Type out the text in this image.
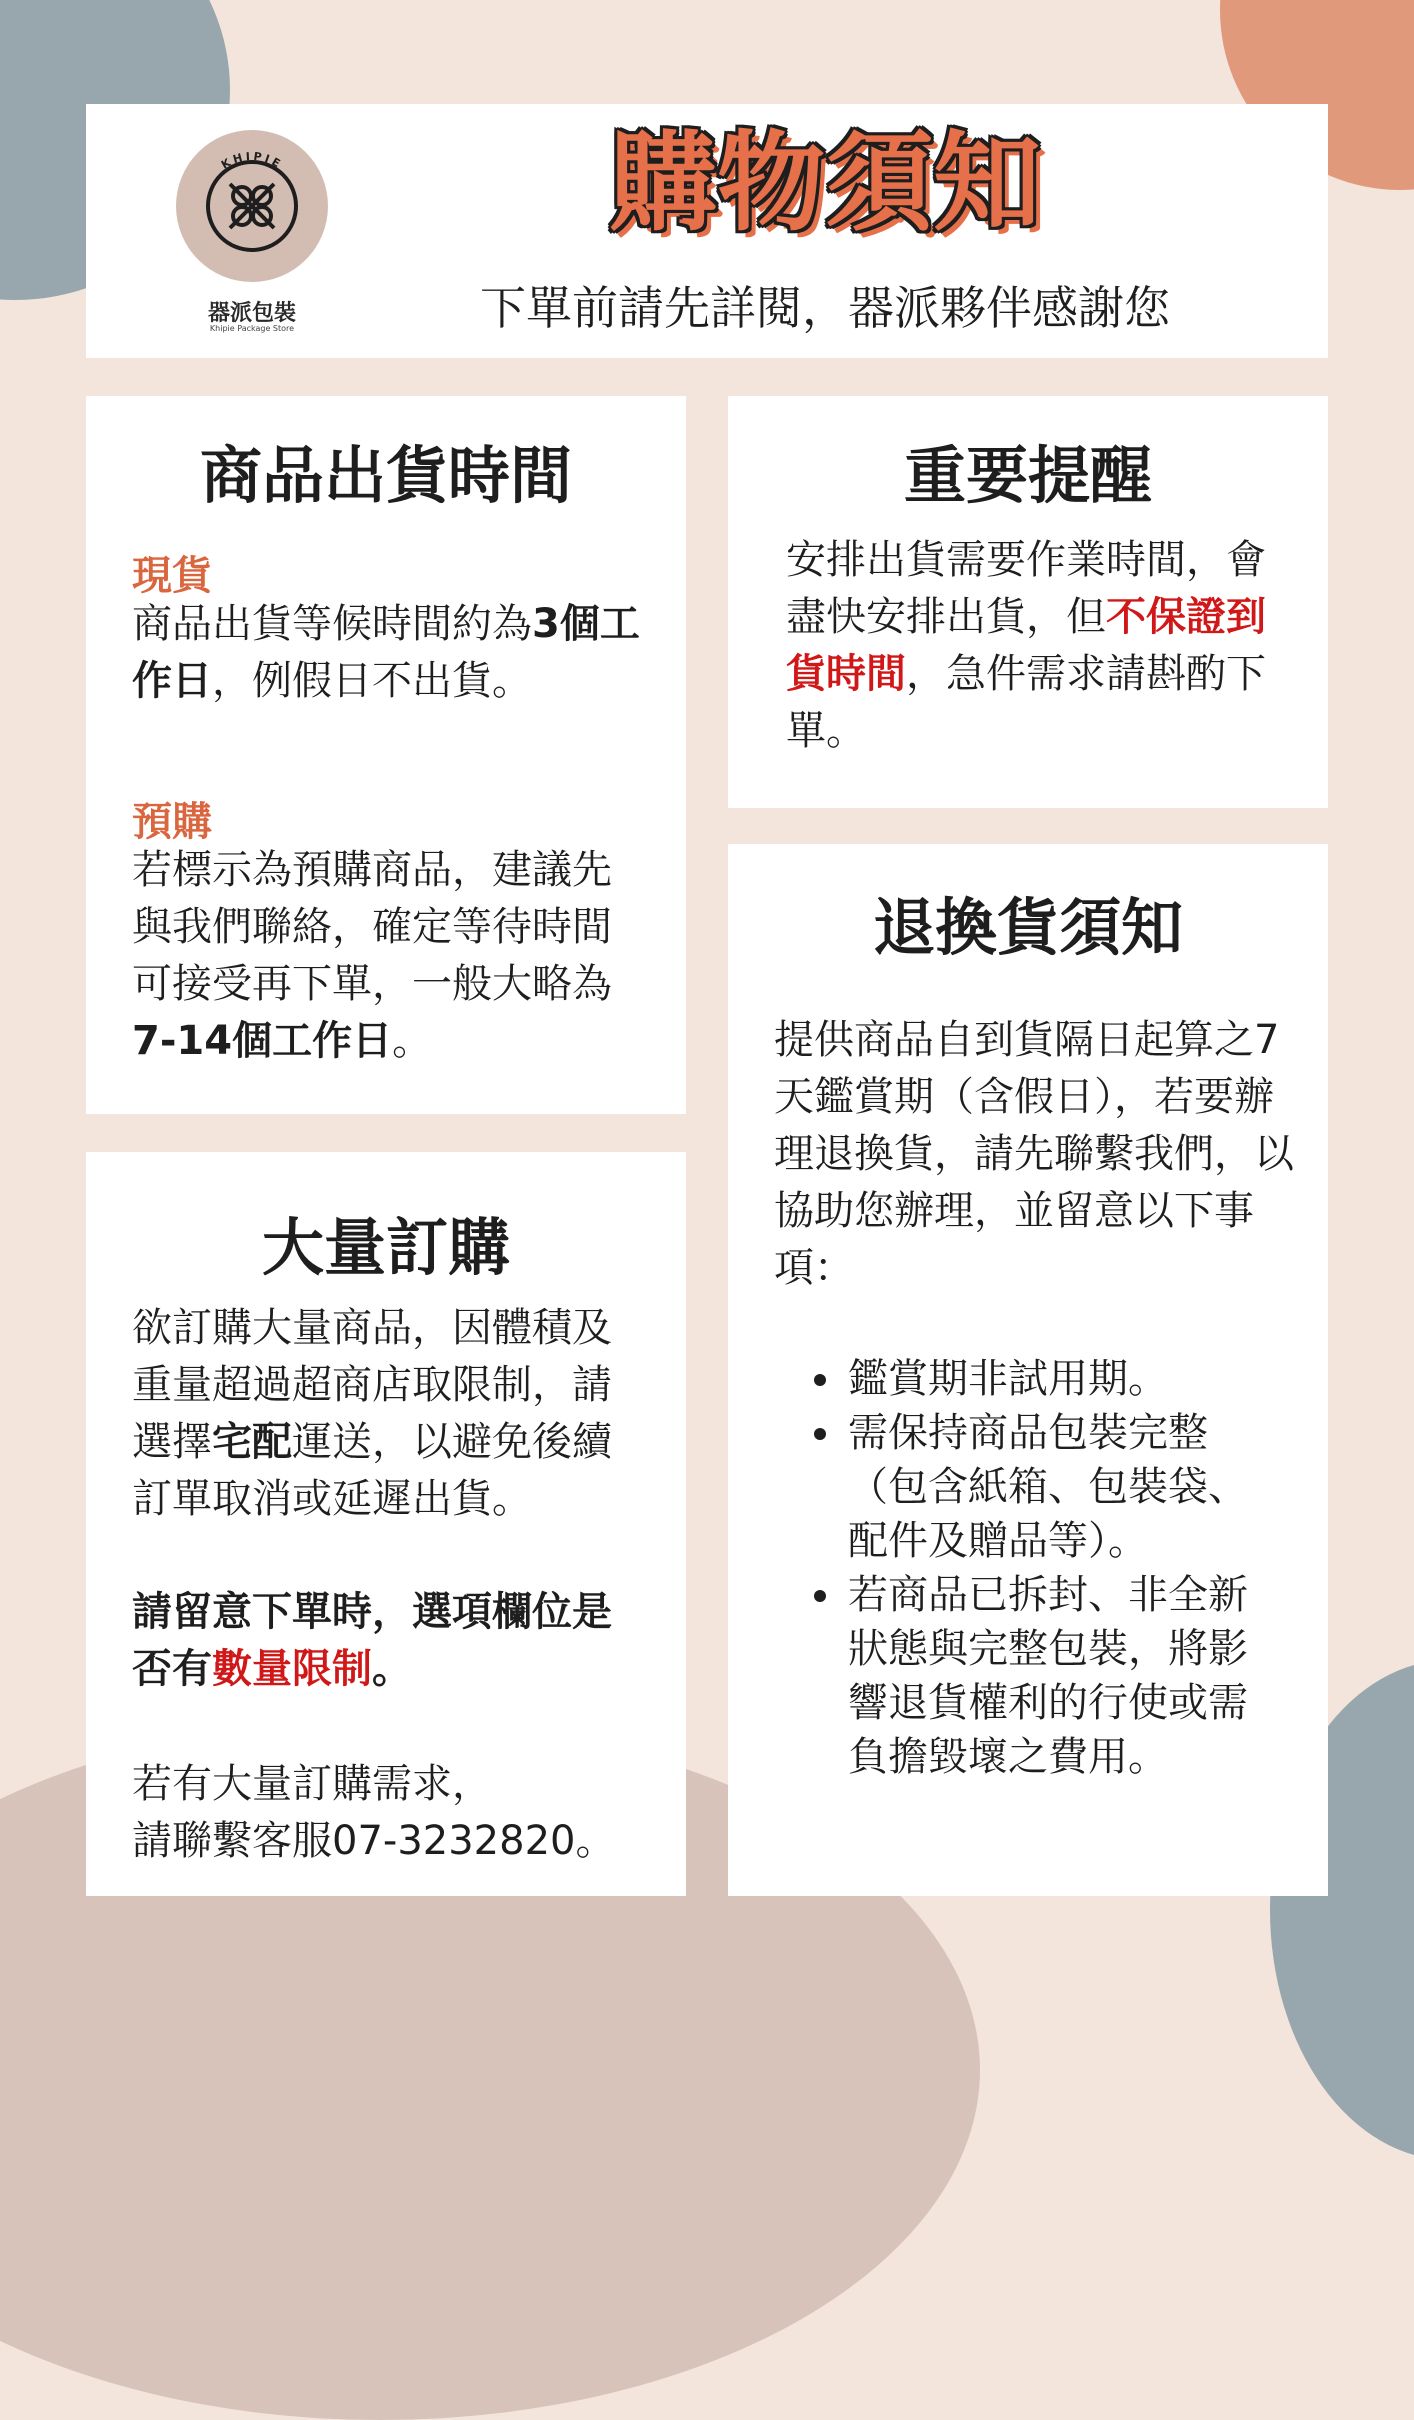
KHIPIE
器派包裝
Khipie Package Store
購物須知
下單前請先詳閱，器派夥伴感謝您
商品出貨時間
現貨
商品出貨等候時間約為3個工作日，例假日不出貨。
預購
若標示為預購商品，建議先與我們聯絡，確定等待時間可接受再下單，一般大略為7-14個工作日。
重要提醒
安排出貨需要作業時間，會盡快安排出貨，但不保證到貨時間，急件需求請斟酌下單。
大量訂購
欲訂購大量商品，因體積及重量超過超商店取限制，請選擇宅配運送，以避免後續訂單取消或延遲出貨。
請留意下單時，選項欄位是否有數量限制。
若有大量訂購需求，
請聯繫客服07-3232820。
退換貨須知
提供商品自到貨隔日起算之7天鑑賞期（含假日），若要辦理退換貨，請先聯繫我們，以協助您辦理，並留意以下事項：
鑑賞期非試用期。
需保持商品包裝完整（包含紙箱、包裝袋、配件及贈品等）。
若商品已拆封、非全新狀態與完整包裝，將影響退貨權利的行使或需負擔毀壞之費用。
